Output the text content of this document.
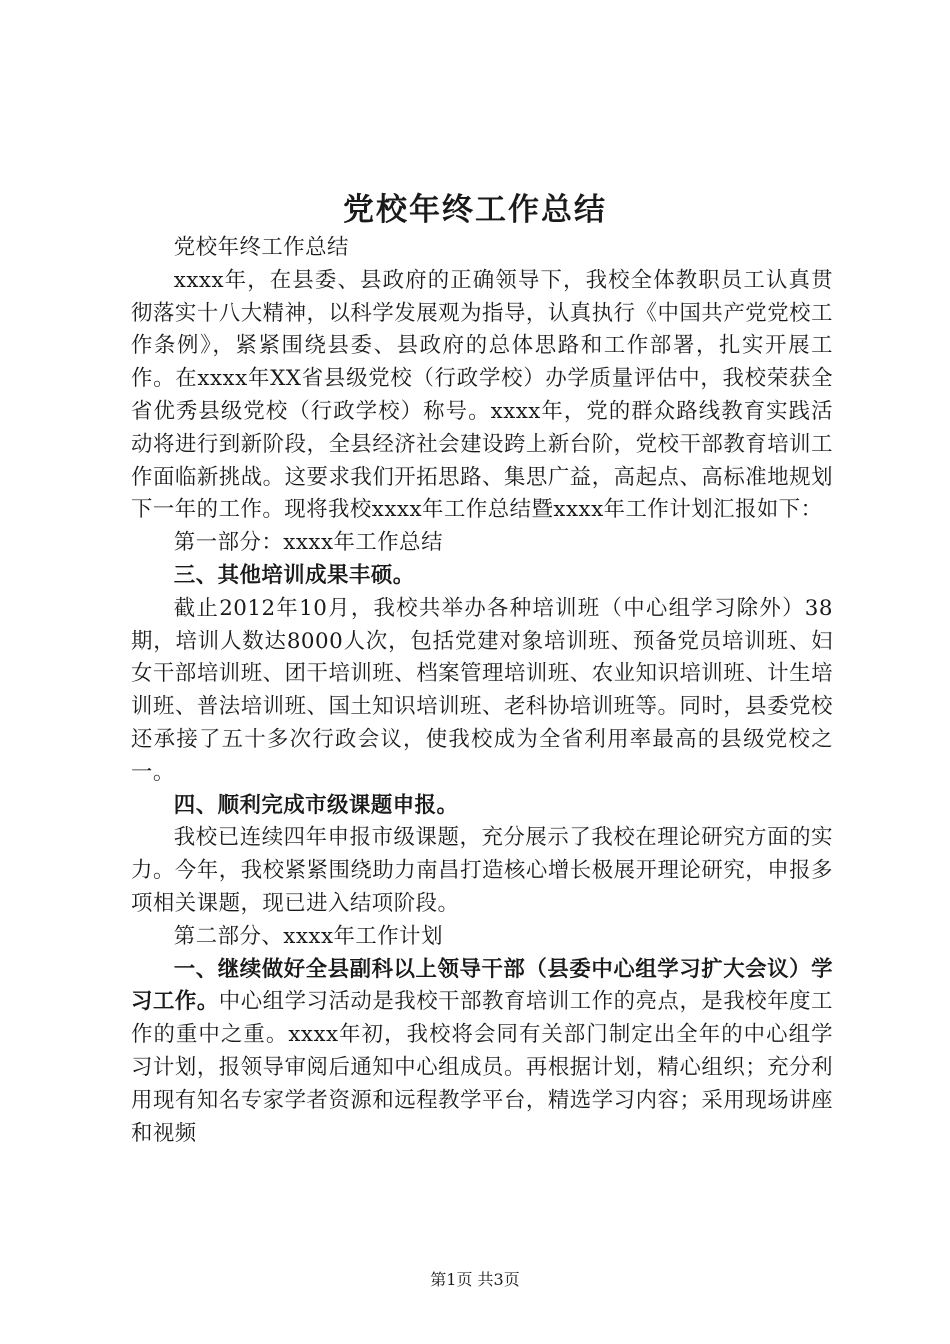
党校年终工作总结

党校年终工作总结

xxxx年，在县委、县政府的正确领导下，我校全体教职员工认真贯彻落实十八大精神，以科学发展观为指导，认真执行《中国共产党党校工作条例》，紧紧围绕县委、县政府的总体思路和工作部署，扎实开展工作。在xxxx年XX省县级党校（行政学校）办学质量评估中，我校荣获全省优秀县级党校（行政学校）称号。xxxx年，党的群众路线教育实践活动将进行到新阶段，全县经济社会建设跨上新台阶，党校干部教育培训工作面临新挑战。这要求我们开拓思路、集思广益，高起点、高标准地规划下一年的工作。现将我校xxxx年工作总结暨xxxx年工作计划汇报如下：

第一部分：xxxx年工作总结

三、其他培训成果丰硕。

截止2012年10月，我校共举办各种培训班（中心组学习除外）38期，培训人数达8000人次，包括党建对象培训班、预备党员培训班、妇女干部培训班、团干培训班、档案管理培训班、农业知识培训班、计生培训班、普法培训班、国土知识培训班、老科协培训班等。同时，县委党校还承接了五十多次行政会议，使我校成为全省利用率最高的县级党校之一。

四、顺利完成市级课题申报。

我校已连续四年申报市级课题，充分展示了我校在理论研究方面的实力。今年，我校紧紧围绕助力南昌打造核心增长极展开理论研究，申报多项相关课题，现已进入结项阶段。

第二部分、xxxx年工作计划

一、继续做好全县副科以上领导干部（县委中心组学习扩大会议）学习工作。中心组学习活动是我校干部教育培训工作的亮点，是我校年度工作的重中之重。xxxx年初，我校将会同有关部门制定出全年的中心组学习计划，报领导审阅后通知中心组成员。再根据计划，精心组织；充分利用现有知名专家学者资源和远程教学平台，精选学习内容；采用现场讲座和视频

第1页 共3页
